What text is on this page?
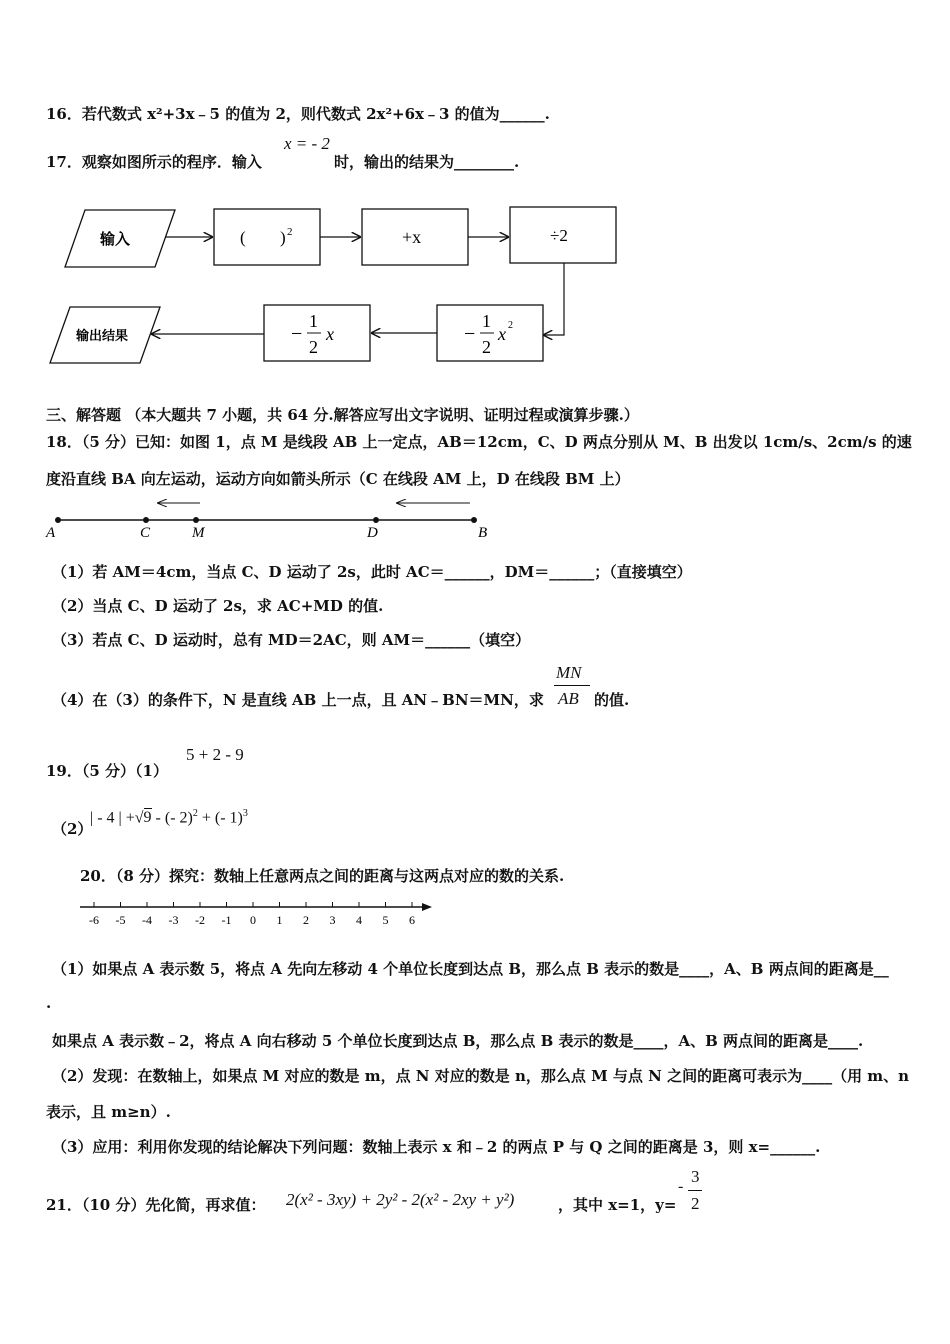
16．若代数式 x²+3x﹣5 的值为 2，则代数式 2x²+6x﹣3 的值为______.
17．观察如图所示的程序．输入
x = - 2
时，输出的结果为________.
输入	( ) 2	+x	÷2
−
1
2
x 2
−
1
2
x
输出结果
三、解答题 （本大题共 7 小题，共 64 分.解答应写出文字说明、证明过程或演算步骤.）
18．（5 分）已知：如图 1，点 M 是线段 AB 上一定点，AB＝12cm，C、D 两点分别从 M、B 出发以 1cm/s、2cm/s 的速
度沿直线 BA 向左运动，运动方向如箭头所示（C 在线段 AM 上，D 在线段 BM 上）
A	C	M	D	B
（1）若 AM＝4cm，当点 C、D 运动了 2s，此时 AC＝______，DM＝______；（直接填空）
（2）当点 C、D 运动了 2s，求 AC+MD 的值.
（3）若点 C、D 运动时，总有 MD＝2AC，则 AM＝______（填空）
（4）在（3）的条件下，N 是直线 AB 上一点，且 AN﹣BN＝MN，求
MN
AB 的值.
19．（5 分）（1）
5 + 2 - 9
（2）
| - 4 | +√9 - (- 2)$^2$ + (- 1)$^3$
20．（8 分）探究：数轴上任意两点之间的距离与这两点对应的数的关系.
-6 -5 -4 -3 -2 -1 0 1 2 3 4 5 6
（1）如果点 A 表示数 5，将点 A 先向左移动 4 个单位长度到达点 B，那么点 B 表示的数是____，A、B 两点间的距离是__
.
如果点 A 表示数﹣2，将点 A 向右移动 5 个单位长度到达点 B，那么点 B 表示的数是____，A、B 两点间的距离是____.
（2）发现：在数轴上，如果点 M 对应的数是 m，点 N 对应的数是 n，那么点 M 与点 N 之间的距离可表示为____（用 m、n
表示，且 m≥n）.
（3）应用：利用你发现的结论解决下列问题：数轴上表示 x 和﹣2 的两点 P 与 Q 之间的距离是 3，则 x=______.
21．（10 分）先化简，再求值： 2(x² - 3xy) + 2y² - 2(x² - 2xy + y²)	，其中 x=1，y=
-
3
2
